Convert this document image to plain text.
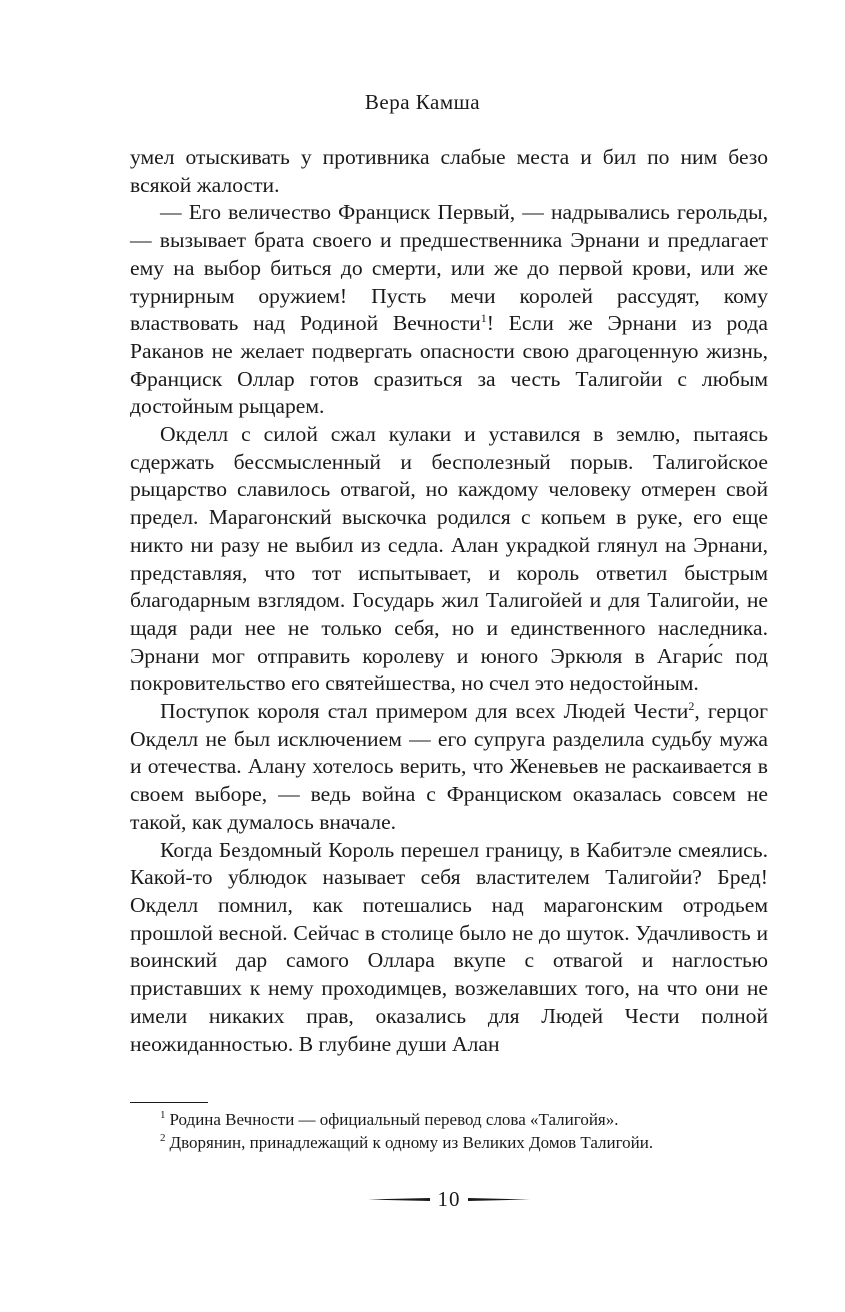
Вера Камша

умел отыскивать у противника слабые места и бил по ним безо всякой жалости.

— Его величество Франциск Первый, — надрывались герольды, — вызывает брата своего и предшественника Эрнани и предлагает ему на выбор биться до смерти, или же до первой крови, или же турнирным оружием! Пусть мечи королей рассудят, кому властвовать над Родиной Вечности$^1$! Если же Эрнани из рода Раканов не желает подвергать опасности свою драгоценную жизнь, Франциск Оллар готов сразиться за честь Талигойи с любым достойным рыцарем.

Окделл с силой сжал кулаки и уставился в землю, пытаясь сдержать бессмысленный и бесполезный порыв. Талигойское рыцарство славилось отвагой, но каждому человеку отмерен свой предел. Марагонский выскочка родился с копьем в руке, его еще никто ни разу не выбил из седла. Алан украдкой глянул на Эрнани, представляя, что тот испытывает, и король ответил быстрым благодарным взглядом. Государь жил Талигойей и для Талигойи, не щадя ради нее не только себя, но и единственного наследника. Эрнани мог отправить королеву и юного Эркюля в Агари́с под покровительство его святейшества, но счел это недостойным.

Поступок короля стал примером для всех Людей Чести$^2$, герцог Окделл не был исключением — его супруга разделила судьбу мужа и отечества. Алану хотелось верить, что Женевьев не раскаивается в своем выборе, — ведь война с Франциском оказалась совсем не такой, как думалось вначале.

Когда Бездомный Король перешел границу, в Кабитэле смеялись. Какой-то ублюдок называет себя властителем Талигойи? Бред! Окделл помнил, как потешались над марагонским отродьем прошлой весной. Сейчас в столице было не до шуток. Удачливость и воинский дар самого Оллара вкупе с отвагой и наглостью приставших к нему проходимцев, возжелавших того, на что они не имели никаких прав, оказались для Людей Чести полной неожиданностью. В глубине души Алан

$^1$ Родина Вечности — официальный перевод слова «Талигойя».
$^2$ Дворянин, принадлежащий к одному из Великих Домов Талигойи.
10
